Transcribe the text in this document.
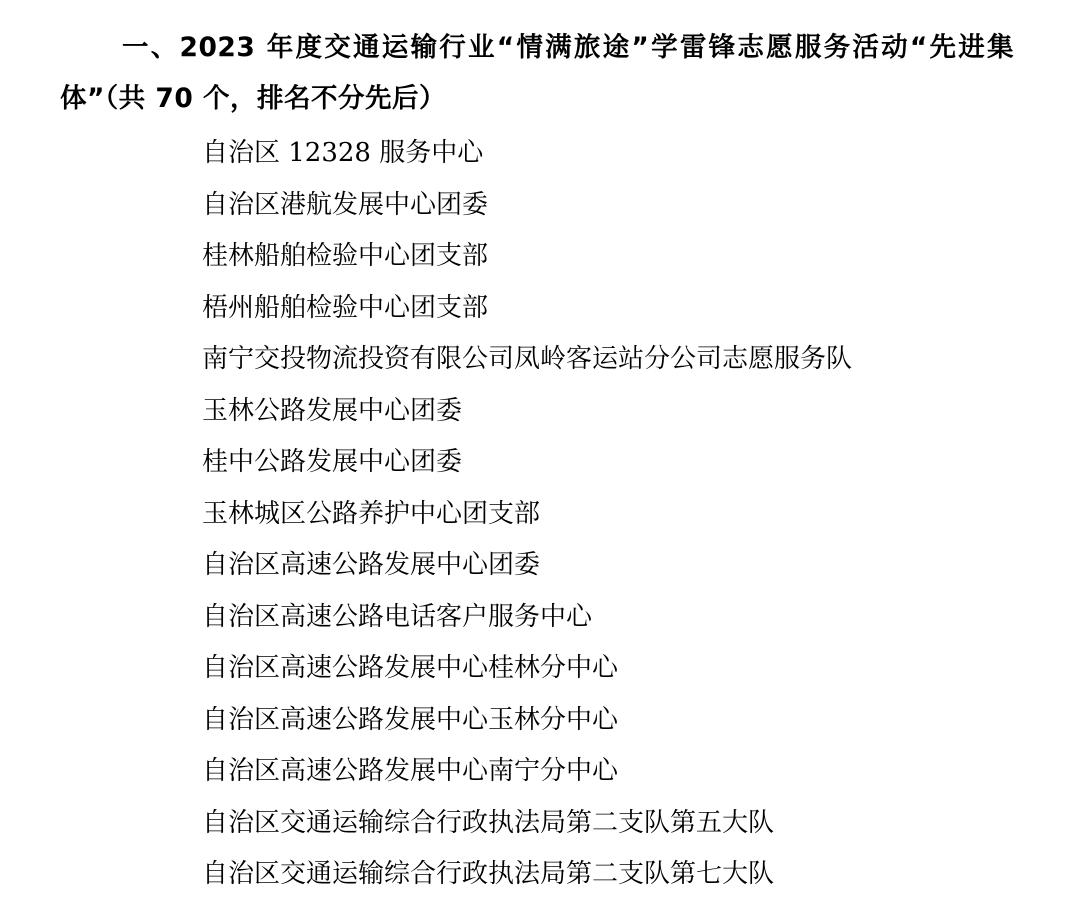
一、2023 年度交通运输行业“情满旅途”学雷锋志愿服务活动“先进集体”（共 70 个，排名不分先后）

自治区 12328 服务中心
自治区港航发展中心团委
桂林船舶检验中心团支部
梧州船舶检验中心团支部
南宁交投物流投资有限公司凤岭客运站分公司志愿服务队
玉林公路发展中心团委
桂中公路发展中心团委
玉林城区公路养护中心团支部
自治区高速公路发展中心团委
自治区高速公路电话客户服务中心
自治区高速公路发展中心桂林分中心
自治区高速公路发展中心玉林分中心
自治区高速公路发展中心南宁分中心
自治区交通运输综合行政执法局第二支队第五大队
自治区交通运输综合行政执法局第二支队第七大队
